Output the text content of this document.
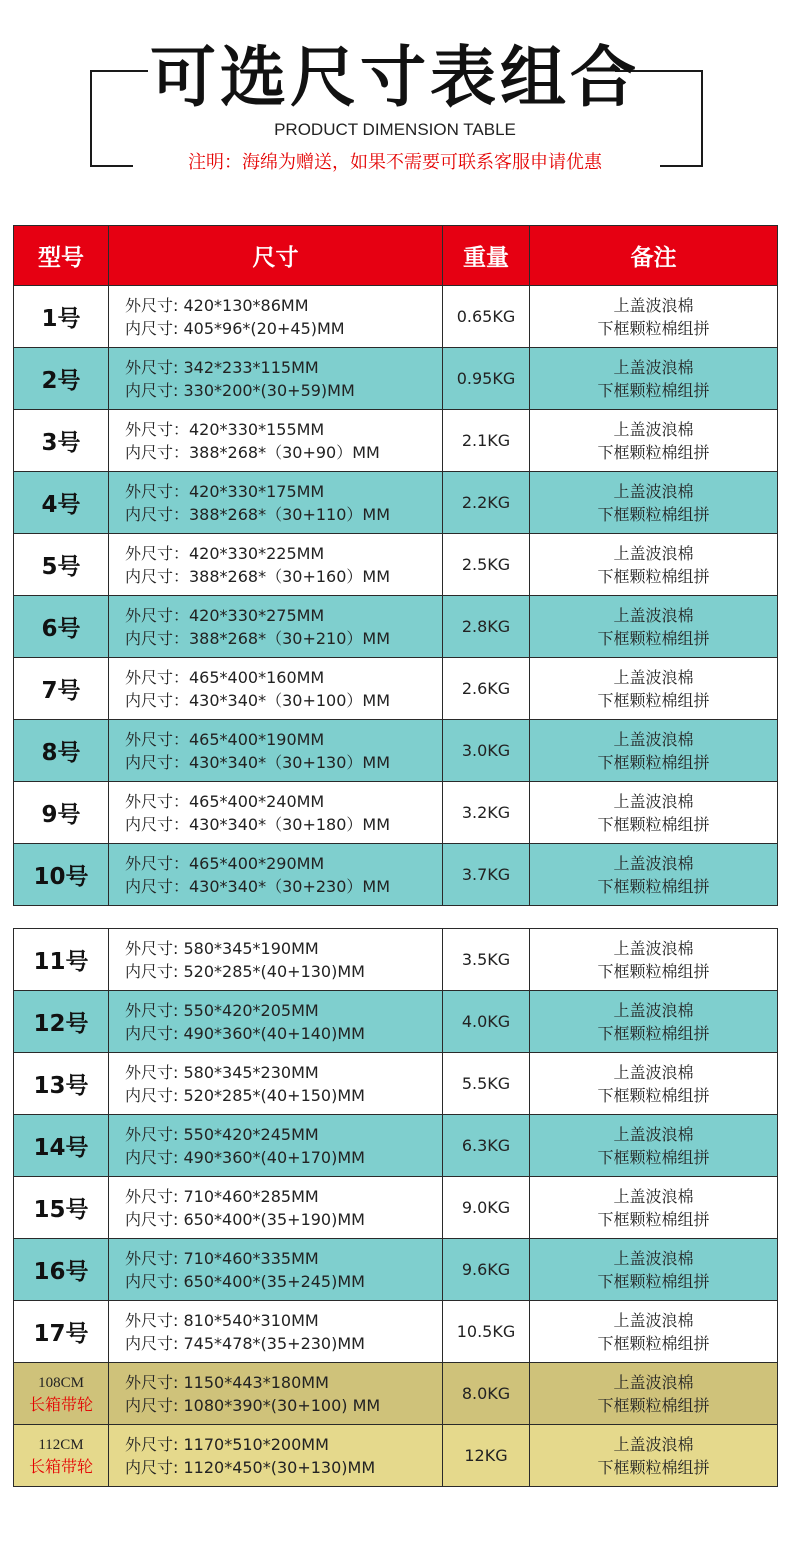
可选尺寸表组合
PRODUCT DIMENSION TABLE
注明：海绵为赠送，如果不需要可联系客服申请优惠
型号	尺寸	重量	备注
1号	外尺寸: 420*130*86MM
内尺寸: 405*96*(20+45)MM	0.65KG	上盖波浪棉
下框颗粒棉组拼

2号	外尺寸: 342*233*115MM
内尺寸: 330*200*(30+59)MM	0.95KG	上盖波浪棉
下框颗粒棉组拼

3号	外尺寸：420*330*155MM
内尺寸：388*268*（30+90）MM	2.1KG	上盖波浪棉
下框颗粒棉组拼

4号	外尺寸：420*330*175MM
内尺寸：388*268*（30+110）MM	2.2KG	上盖波浪棉
下框颗粒棉组拼

5号	外尺寸：420*330*225MM
内尺寸：388*268*（30+160）MM	2.5KG	上盖波浪棉
下框颗粒棉组拼

6号	外尺寸：420*330*275MM
内尺寸：388*268*（30+210）MM	2.8KG	上盖波浪棉
下框颗粒棉组拼

7号	外尺寸：465*400*160MM
内尺寸：430*340*（30+100）MM	2.6KG	上盖波浪棉
下框颗粒棉组拼

8号	外尺寸：465*400*190MM
内尺寸：430*340*（30+130）MM	3.0KG	上盖波浪棉
下框颗粒棉组拼

9号	外尺寸：465*400*240MM
内尺寸：430*340*（30+180）MM	3.2KG	上盖波浪棉
下框颗粒棉组拼

10号	外尺寸：465*400*290MM
内尺寸：430*340*（30+230）MM	3.7KG	上盖波浪棉
下框颗粒棉组拼
11号	外尺寸: 580*345*190MM
内尺寸: 520*285*(40+130)MM	3.5KG	上盖波浪棉
下框颗粒棉组拼

12号	外尺寸: 550*420*205MM
内尺寸: 490*360*(40+140)MM	4.0KG	上盖波浪棉
下框颗粒棉组拼

13号	外尺寸: 580*345*230MM
内尺寸: 520*285*(40+150)MM	5.5KG	上盖波浪棉
下框颗粒棉组拼

14号	外尺寸: 550*420*245MM
内尺寸: 490*360*(40+170)MM	6.3KG	上盖波浪棉
下框颗粒棉组拼

15号	外尺寸: 710*460*285MM
内尺寸: 650*400*(35+190)MM	9.0KG	上盖波浪棉
下框颗粒棉组拼

16号	外尺寸: 710*460*335MM
内尺寸: 650*400*(35+245)MM	9.6KG	上盖波浪棉
下框颗粒棉组拼

17号	外尺寸: 810*540*310MM
内尺寸: 745*478*(35+230)MM	10.5KG	上盖波浪棉
下框颗粒棉组拼

108CM
长箱带轮	外尺寸: 1150*443*180MM
内尺寸: 1080*390*(30+100) MM	8.0KG	上盖波浪棉
下框颗粒棉组拼

112CM
长箱带轮	外尺寸: 1170*510*200MM
内尺寸: 1120*450*(30+130)MM	12KG	上盖波浪棉
下框颗粒棉组拼
